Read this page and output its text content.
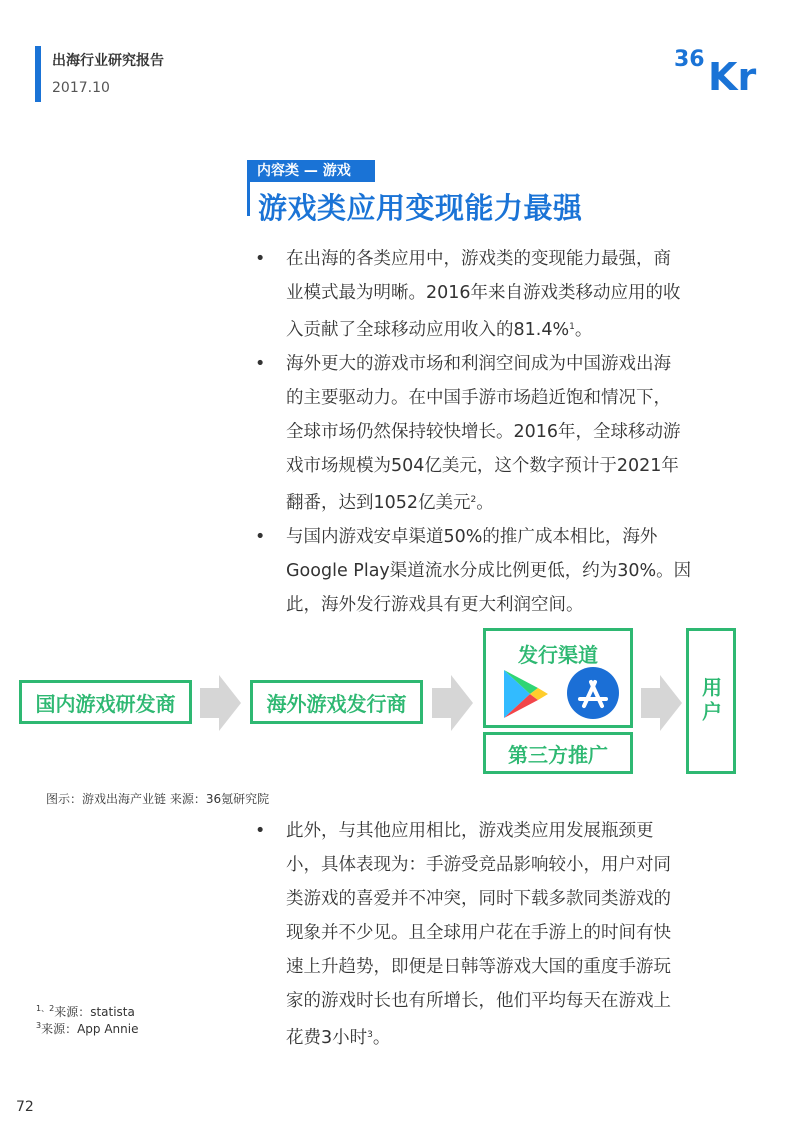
出海行业研究报告
2017.10
36 Kr
内容类 — 游戏
游戏类应用变现能力最强
• 在出海的各类应用中，游戏类的变现能力最强，商
业模式最为明晰。2016年来自游戏类移动应用的收
入贡献了全球移动应用收入的81.4%$^1$。
• 海外更大的游戏市场和利润空间成为中国游戏出海
的主要驱动力。在中国手游市场趋近饱和情况下，
全球市场仍然保持较快增长。2016年，全球移动游
戏市场规模为504亿美元，这个数字预计于2021年
翻番，达到1052亿美元$^2$。
• 与国内游戏安卓渠道50%的推广成本相比，海外
Google Play渠道流水分成比例更低，约为30%。因
此，海外发行游戏具有更大利润空间。
国内游戏研发商	海外游戏发行商
发行渠道
第三方推广
用户
图示：游戏出海产业链 来源：36氪研究院
• 此外，与其他应用相比，游戏类应用发展瓶颈更
小，具体表现为：手游受竞品影响较小，用户对同
类游戏的喜爱并不冲突，同时下载多款同类游戏的
现象并不少见。且全球用户花在手游上的时间有快
速上升趋势，即便是日韩等游戏大国的重度手游玩
家的游戏时长也有所增长，他们平均每天在游戏上
花费3小时$^3$。
$^{1、2}$来源：statista
$^3$来源：App Annie
72
